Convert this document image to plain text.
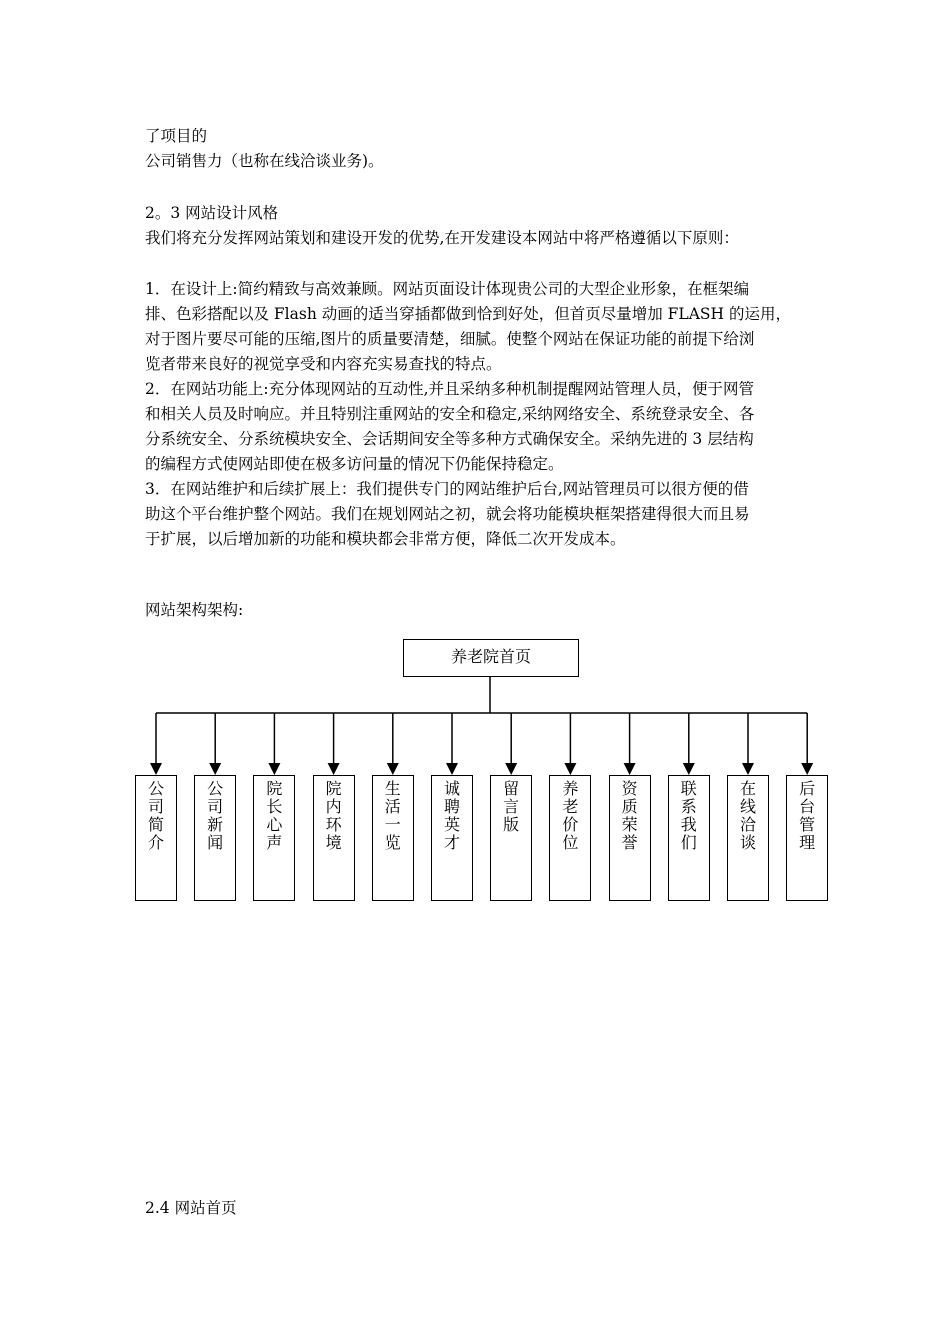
了项目的
公司销售力（也称在线洽谈业务)。
2。3 网站设计风格
我们将充分发挥网站策划和建设开发的优势,在开发建设本网站中将严格遵循以下原则：
1．在设计上:简约精致与高效兼顾。网站页面设计体现贵公司的大型企业形象，在框架编
排、色彩搭配以及 Flash 动画的适当穿插都做到恰到好处，但首页尽量增加 FLASH 的运用，
对于图片要尽可能的压缩,图片的质量要清楚，细腻。使整个网站在保证功能的前提下给浏
览者带来良好的视觉享受和内容充实易查找的特点。
2．在网站功能上:充分体现网站的互动性,并且采纳多种机制提醒网站管理人员，便于网管
和相关人员及时响应。并且特别注重网站的安全和稳定,采纳网络安全、系统登录安全、各
分系统安全、分系统模块安全、会话期间安全等多种方式确保安全。采纳先进的 3 层结构
的编程方式使网站即使在极多访问量的情况下仍能保持稳定。
3．在网站维护和后续扩展上：我们提供专门的网站维护后台,网站管理员可以很方便的借
助这个平台维护整个网站。我们在规划网站之初，就会将功能模块框架搭建得很大而且易
于扩展，以后增加新的功能和模块都会非常方便，降低二次开发成本。
网站架构架构:
2.4 网站首页
养老院首页
公
司
简
介
公
司
新
闻
院
长
心
声
院
内
环
境
生
活
一
览
诚
聘
英
才
留
言
版
养
老
价
位
资
质
荣
誉
联
系
我
们
在
线
洽
谈
后
台
管
理
